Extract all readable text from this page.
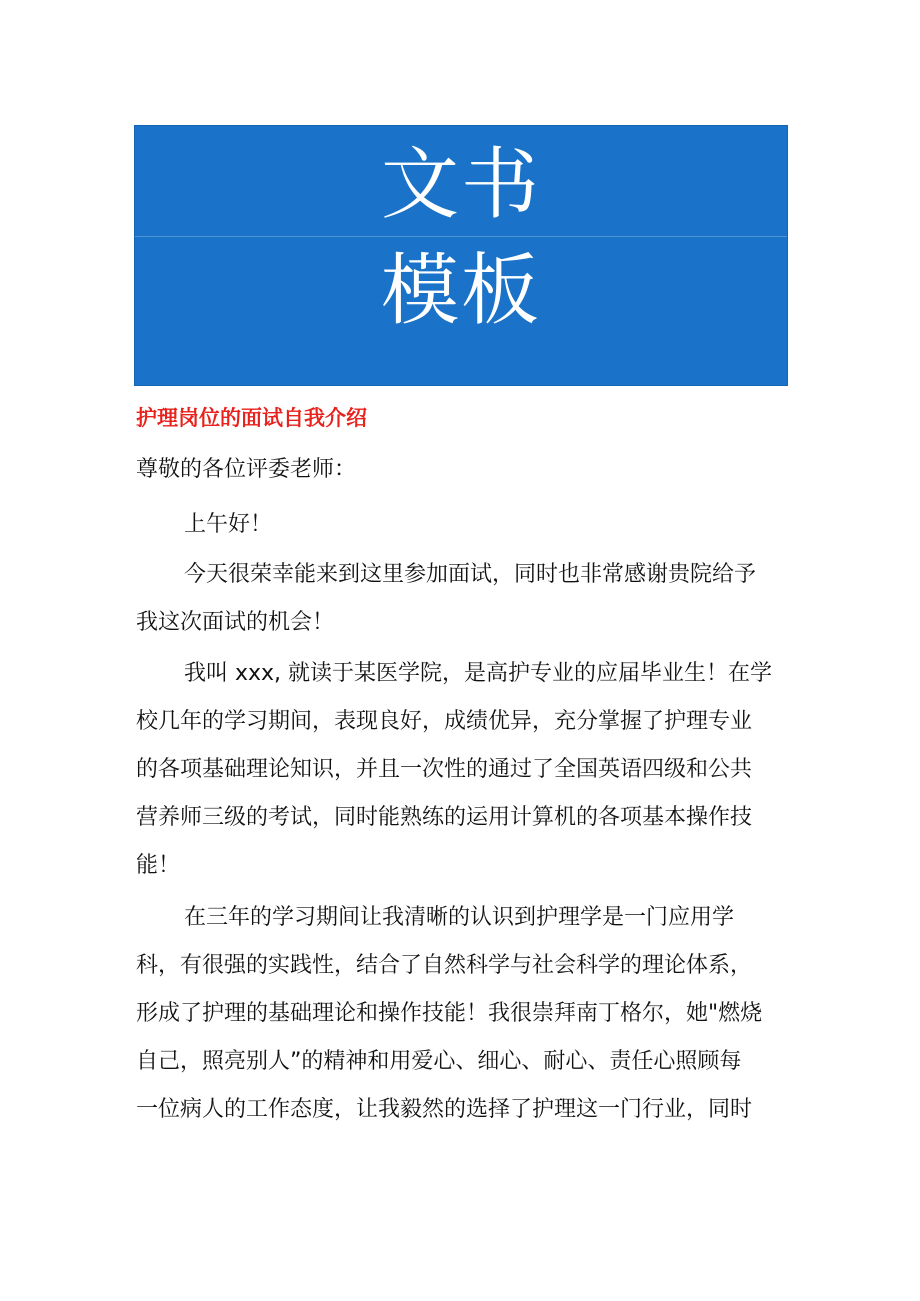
文书
模板
护理岗位的面试自我介绍
尊敬的各位评委老师：
上午好！
今天很荣幸能来到这里参加面试，同时也非常感谢贵院给予
我这次面试的机会！
我叫 xxx, 就读于某医学院，是高护专业的应届毕业生！在学
校几年的学习期间，表现良好，成绩优异，充分掌握了护理专业
的各项基础理论知识，并且一次性的通过了全国英语四级和公共
营养师三级的考试，同时能熟练的运用计算机的各项基本操作技
能！
在三年的学习期间让我清晰的认识到护理学是一门应用学
科，有很强的实践性，结合了自然科学与社会科学的理论体系，
形成了护理的基础理论和操作技能！我很崇拜南丁格尔，她"燃烧
自己，照亮别人”的精神和用爱心、细心、耐心、责任心照顾每
一位病人的工作态度，让我毅然的选择了护理这一门行业，同时
